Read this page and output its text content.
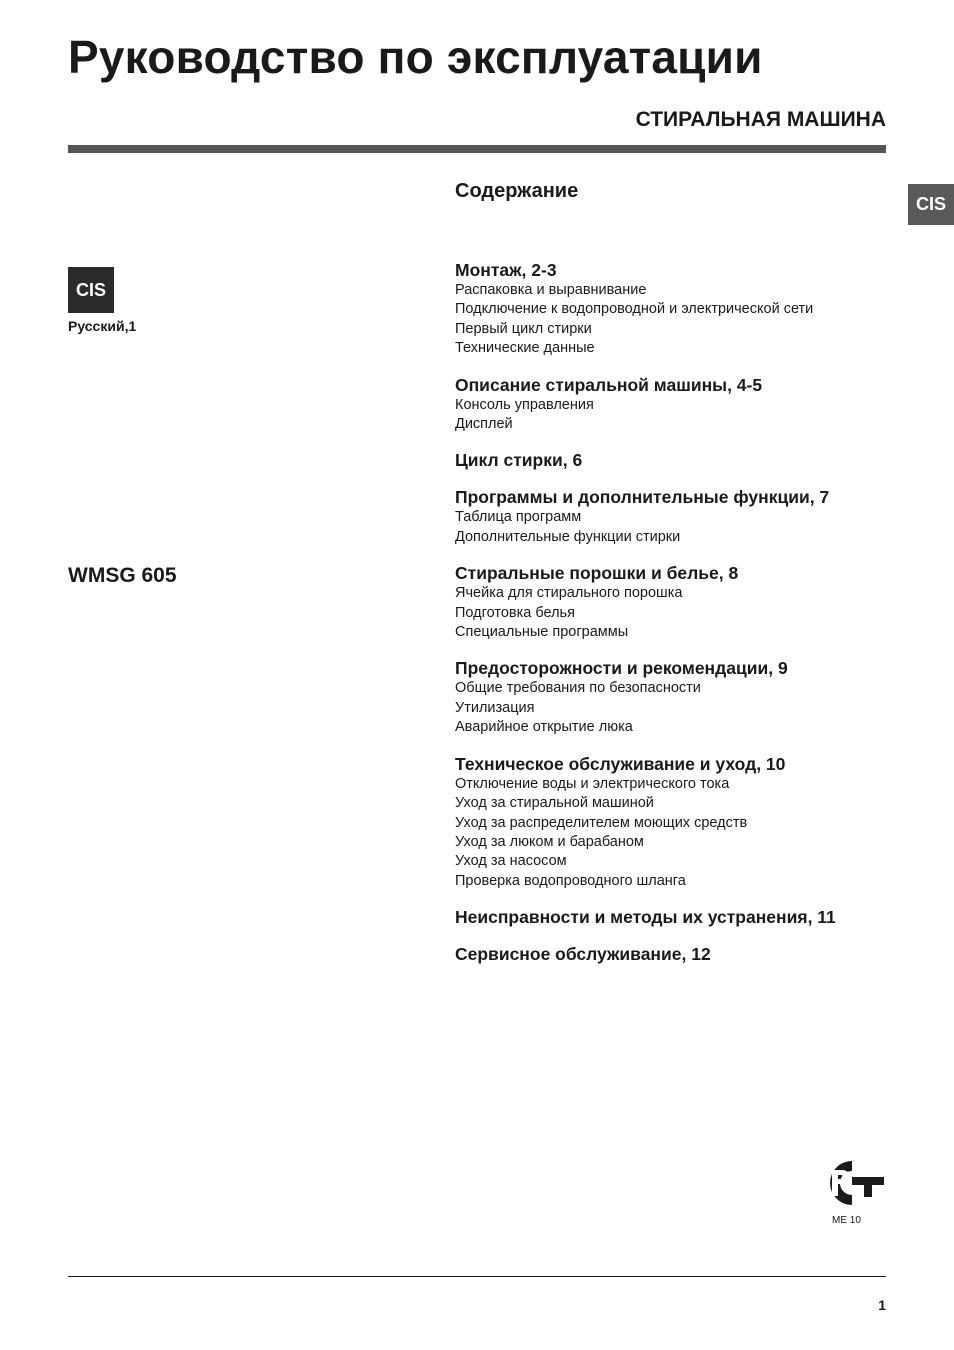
Руководство по эксплуатации
СТИРАЛЬНАЯ МАШИНА
CIS
CIS
Русский,1
WMSG 605
Содержание
Монтаж, 2-3
Распаковка и выравнивание
Подключение к водопроводной и электрической сети
Первый цикл стирки
Технические данные
Описание стиральной машины, 4-5
Консоль управления
Дисплей
Цикл стирки, 6
Программы и дополнительные функции, 7
Таблица программ
Дополнительные функции стирки
Стиральные порошки и белье, 8
Ячейка для стирального порошка
Подготовка белья
Специальные программы
Предосторожности и рекомендации, 9
Общие требования по безопасности
Утилизация
Аварийное открытие люка
Техническое обслуживание и уход, 10
Отключение воды и электрического тока
Уход за стиральной машиной
Уход за распределителем моющих средств
Уход за люком и барабаном
Уход за насосом
Проверка водопроводного шланга
Неисправности и методы их устранения, 11
Сервисное обслуживание, 12
ME 10
1
